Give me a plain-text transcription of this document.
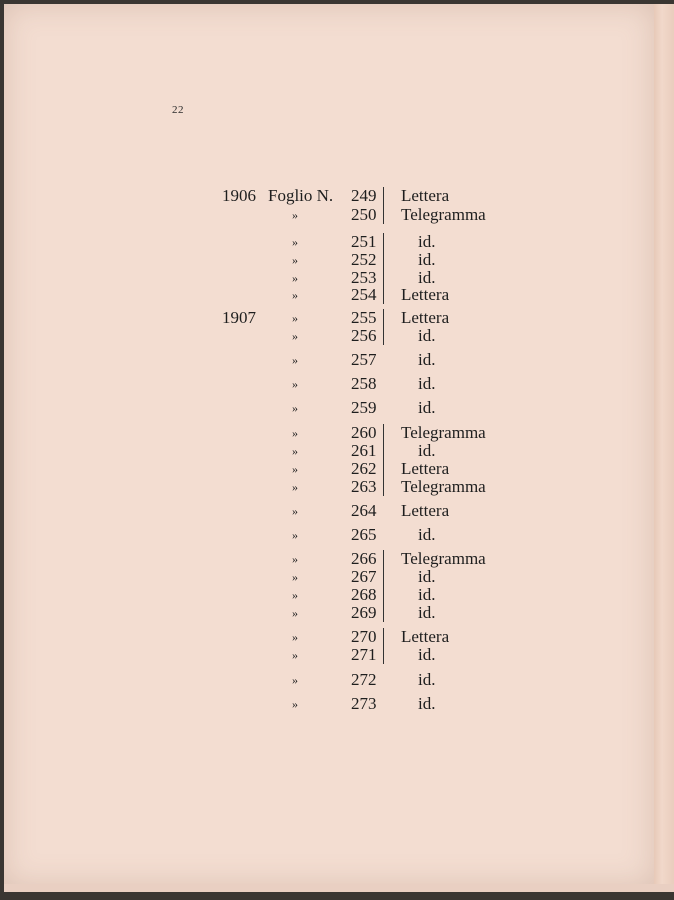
22
1906 Foglio N. 249 Lettera
»	250 Telegramma
»	251 id.
»	252 id.
»	253 id.
»	254 Lettera
1907	»	255 Lettera
»	256 id.
»	257 id.
»	258 id.
»	259 id.
»	260 Telegramma
»	261 id.
»	262 Lettera
»	263 Telegramma
»	264 Lettera
»	265 id.
»	266 Telegramma
»	267 id.
»	268 id.
»	269 id.
»	270 Lettera
»	271 id.
»	272 id.
»	273 id.
